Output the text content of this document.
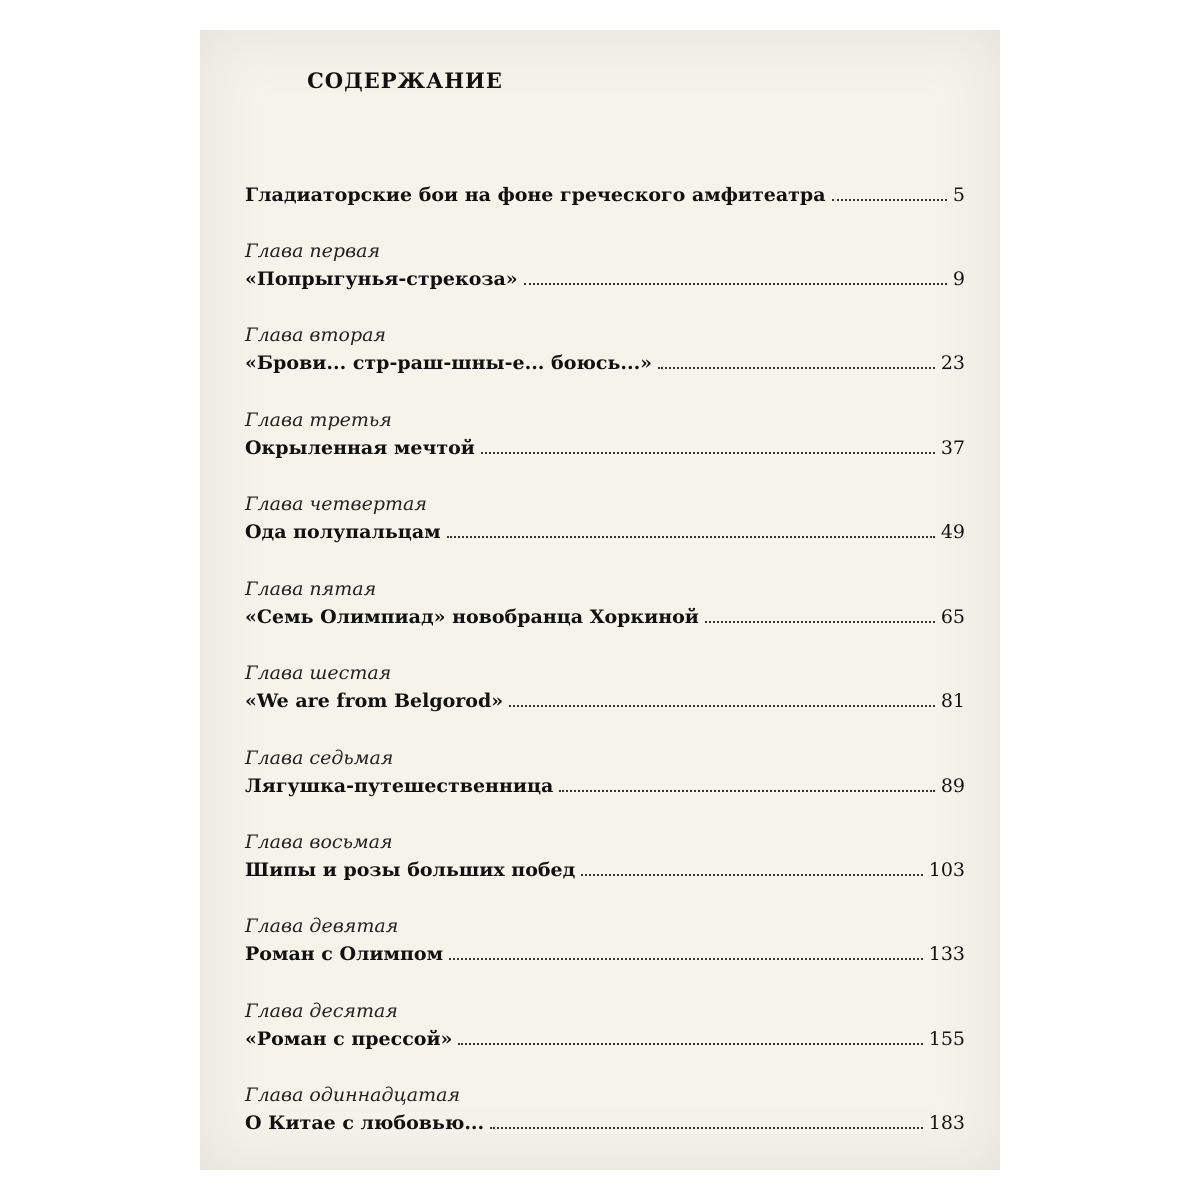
СОДЕРЖАНИЕ
Гладиаторские бои на фоне греческого амфитеатра	5
Глава первая
«Попрыгунья-стрекоза»	9
Глава вторая
«Брови... стр-раш-шны-е... боюсь...»	23
Глава третья
Окрыленная мечтой	37
Глава четвертая
Ода полупальцам	49
Глава пятая
«Семь Олимпиад» новобранца Хоркиной	65
Глава шестая
«We are from Belgorod»	81
Глава седьмая
Лягушка-путешественница	89
Глава восьмая
Шипы и розы больших побед	103
Глава девятая
Роман с Олимпом	133
Глава десятая
«Роман с прессой»	155
Глава одиннадцатая
О Китае с любовью...	183
